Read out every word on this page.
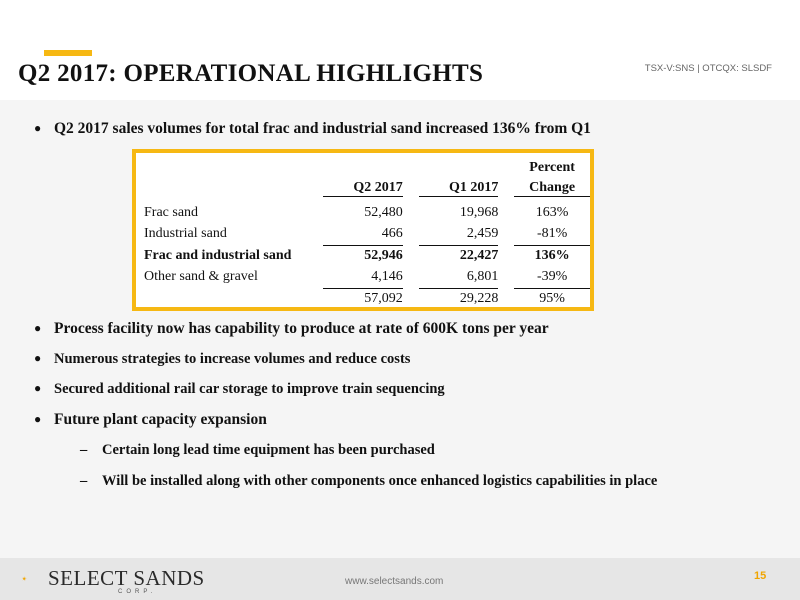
Q2 2017: OPERATIONAL HIGHLIGHTS	TSX-V:SNS | OTCQX: SLSDF
● Q2 2017 sales volumes for total frac and industrial sand increased 136% from Q1
					Percent
	Q2 2017		Q1 2017		Change

Frac sand	52,480		19,968		163%
Industrial sand	466		2,459		-81%
Frac and industrial sand	52,946		22,427		136%
Other sand & gravel	4,146		6,801		-39%
	57,092		29,228		95%
● Process facility now has capability to produce at rate of 600K tons per year
● Numerous strategies to increase volumes and reduce costs
● Secured additional rail car storage to improve train sequencing
● Future plant capacity expansion
– Certain long lead time equipment has been purchased
– Will be installed along with other components once enhanced logistics capabilities in place
SELECT SANDS
CORP.
www.selectsands.com	15
